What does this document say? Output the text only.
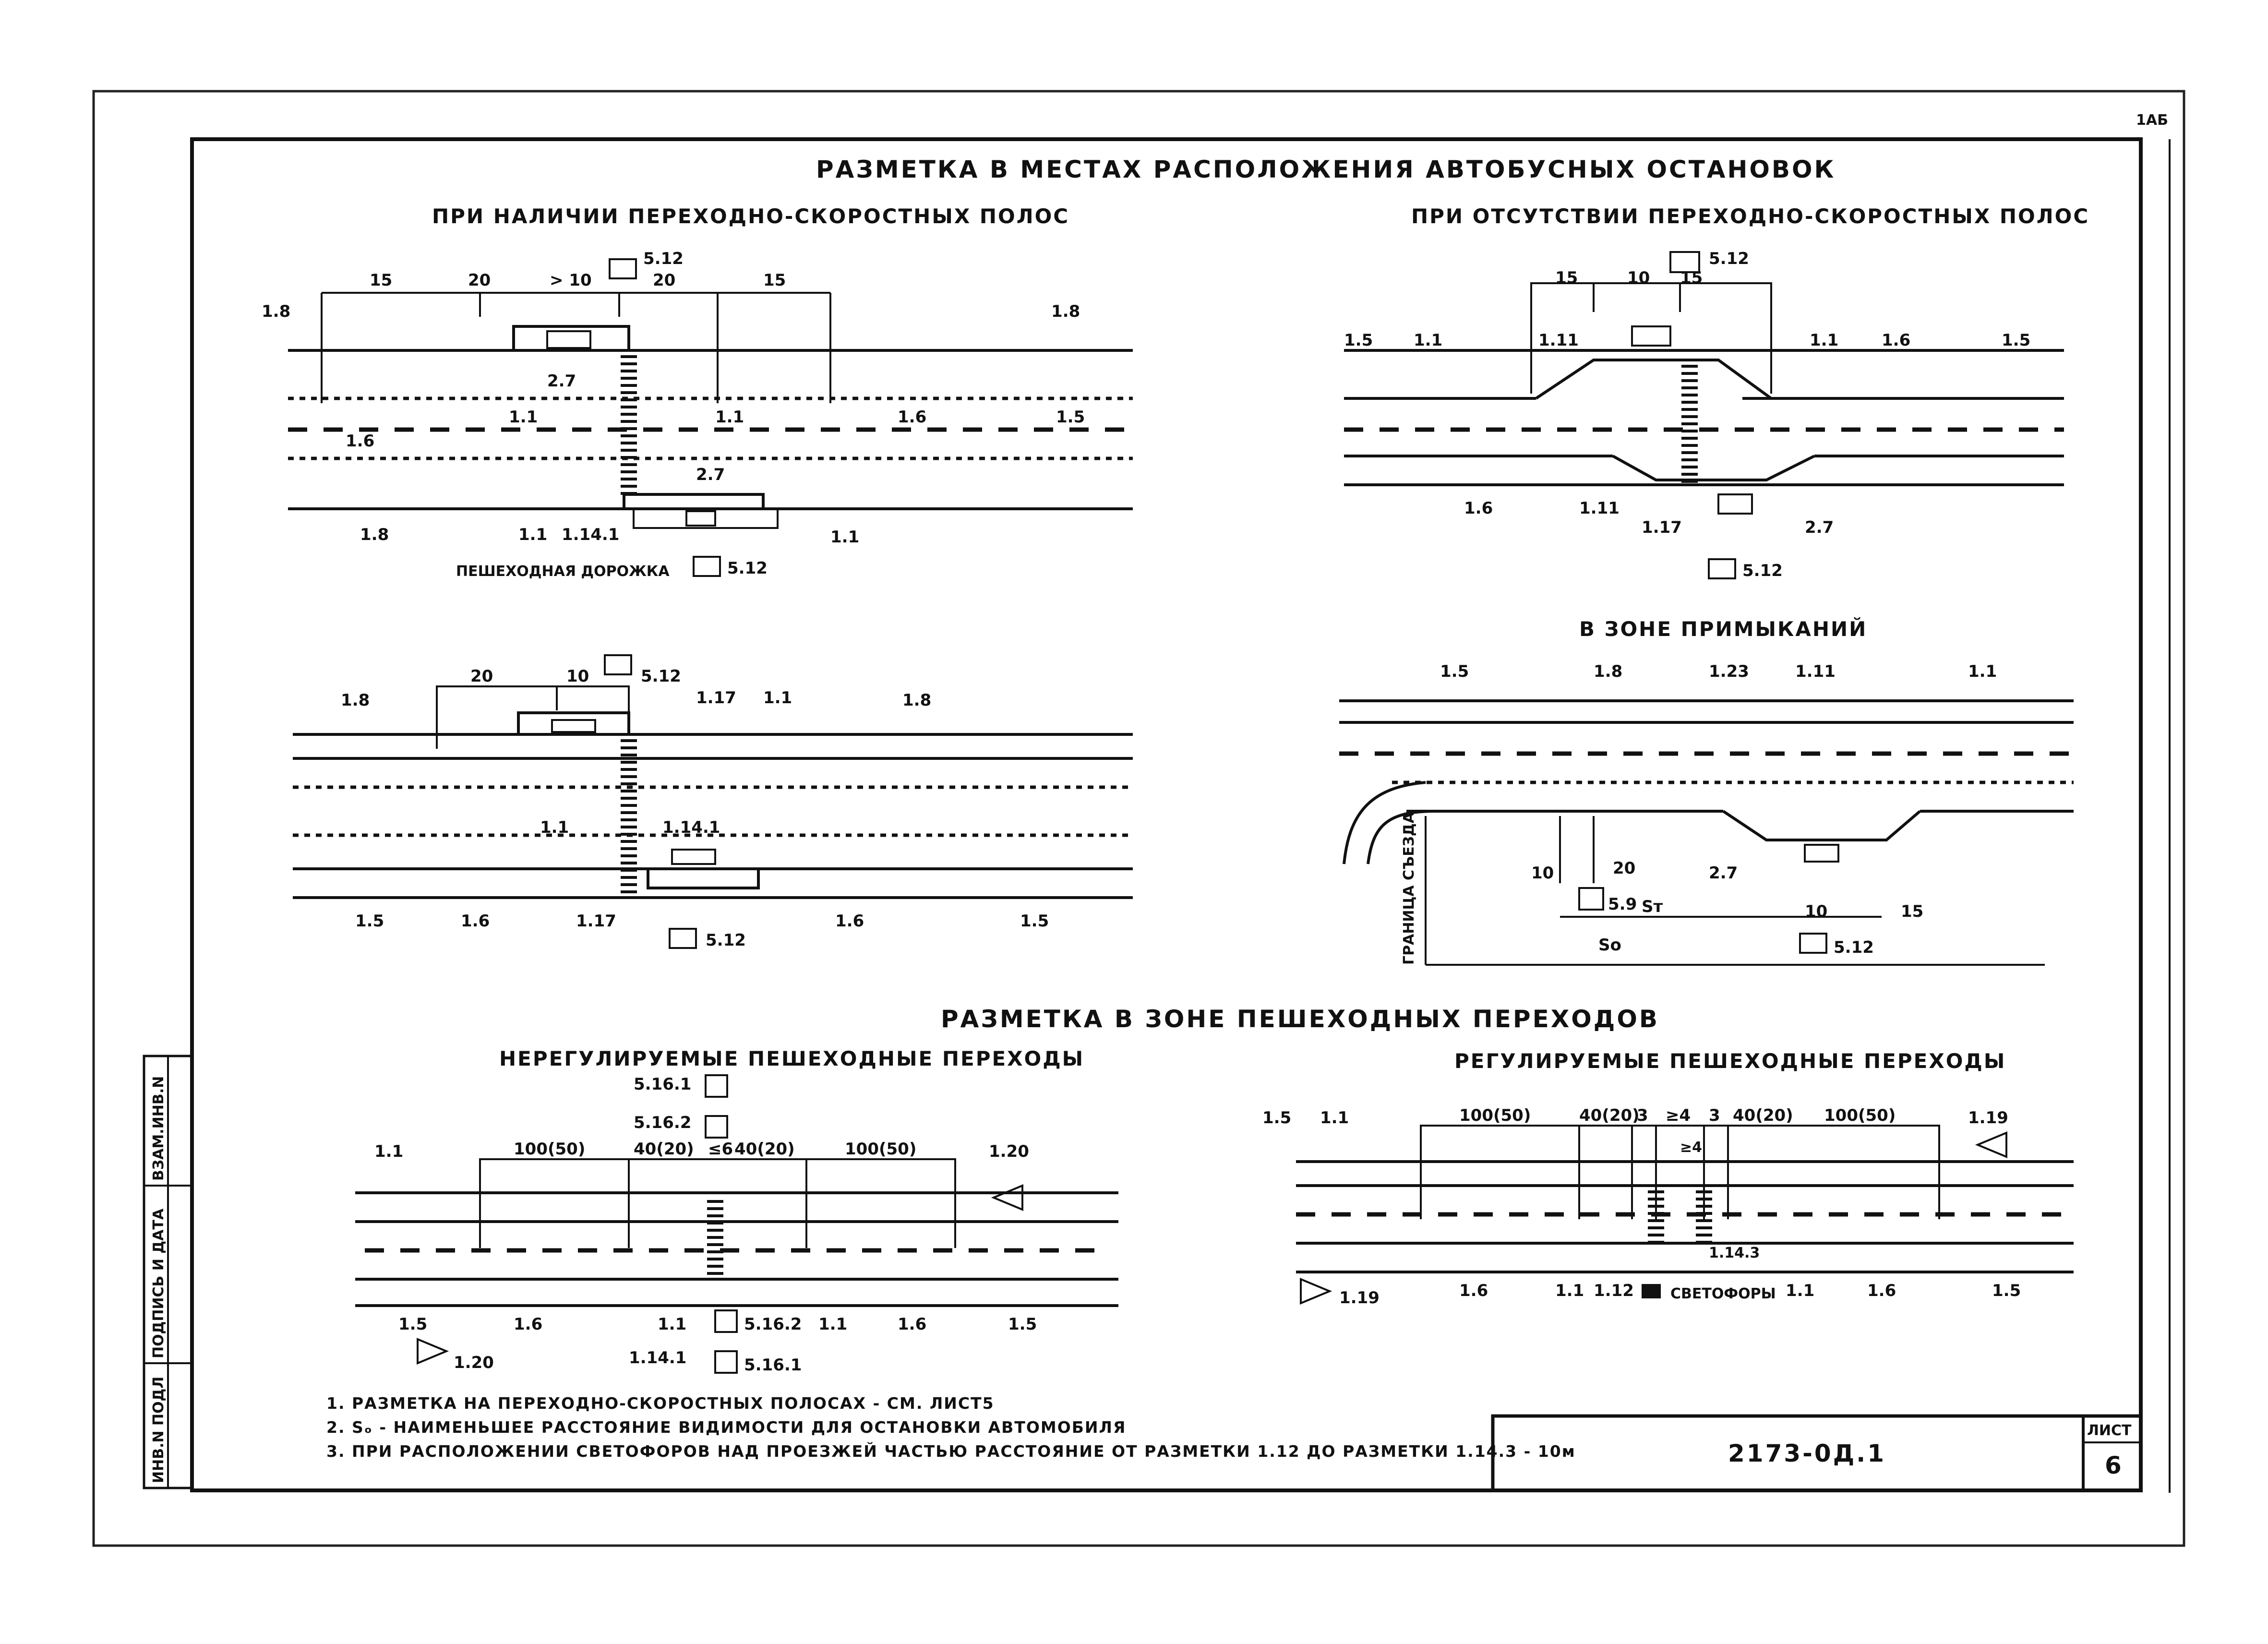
1АБ
ВЗАМ.ИНВ.N
ПОДПИСЬ И ДАТА
ИНВ.N ПОДЛ
РАЗМЕТКА В МЕСТАХ РАСПОЛОЖЕНИЯ АВТОБУСНЫХ ОСТАНОВОК
ПРИ НАЛИЧИИ ПЕРЕХОДНО-СКОРОСТНЫХ ПОЛОС	ПРИ ОТСУТСТВИИ ПЕРЕХОДНО-СКОРОСТНЫХ ПОЛОС
В ЗОНЕ ПРИМЫКАНИЙ
РАЗМЕТКА В ЗОНЕ ПЕШЕХОДНЫХ ПЕРЕХОДОВ
НЕРЕГУЛИРУЕМЫЕ ПЕШЕХОДНЫЕ ПЕРЕХОДЫ	РЕГУЛИРУЕМЫЕ ПЕШЕХОДНЫЕ ПЕРЕХОДЫ
15	20	> 10	20	15
5.12
1.8	1.8
1.6
1.6	1.5
2.7
2.7
1.1	1.1
1.1	1.1
1.14.1
1.8
ПЕШЕХОДНАЯ ДОРОЖКА	5.12
15	10 15
5.12
1.5 1.1	1.11	1.1	1.6	1.5
1.6	1.11
1.17	2.7
5.12
20	10	5.12
1.8	1.17
1.1
1.8
1.1
1.14.1
1.5	1.6	1.17	1.6	1.5
5.12
1.5	1.8	1.23	1.11	1.1
2.7
10	20
10	15
5.9 Sт
Sо	5.12
ГРАНИЦА СЪЕЗДА
100(50)	40(20) ≤6 40(20)	100(50)
5.16.1
5.16.2
5.16.2
5.16.1
1.20
1.20
1.1
1.5	1.6	1.1
1.14.1
1.1	1.6	1.5
100(50)	40(20)
3 ≥4 3 40(20) 100(50)	1.19
1.19
1.5 1.1
1.6	1.1 1.12
1.14.3
1.1	1.6	1.5
≥4
СВЕТОФОРЫ
1. РАЗМЕТКА НА ПЕРЕХОДНО-СКОРОСТНЫХ ПОЛОСАХ - СМ. ЛИСТ5
2. Sₒ - НАИМЕНЬШЕЕ РАССТОЯНИЕ ВИДИМОСТИ ДЛЯ ОСТАНОВКИ АВТОМОБИЛЯ
3. ПРИ РАСПОЛОЖЕНИИ СВЕТОФОРОВ НАД ПРОЕЗЖЕЙ ЧАСТЬЮ РАССТОЯНИЕ ОТ РАЗМЕТКИ 1.12 ДО РАЗМЕТКИ 1.14.3 - 10м	2173-0Д.1
ЛИСТ
6
